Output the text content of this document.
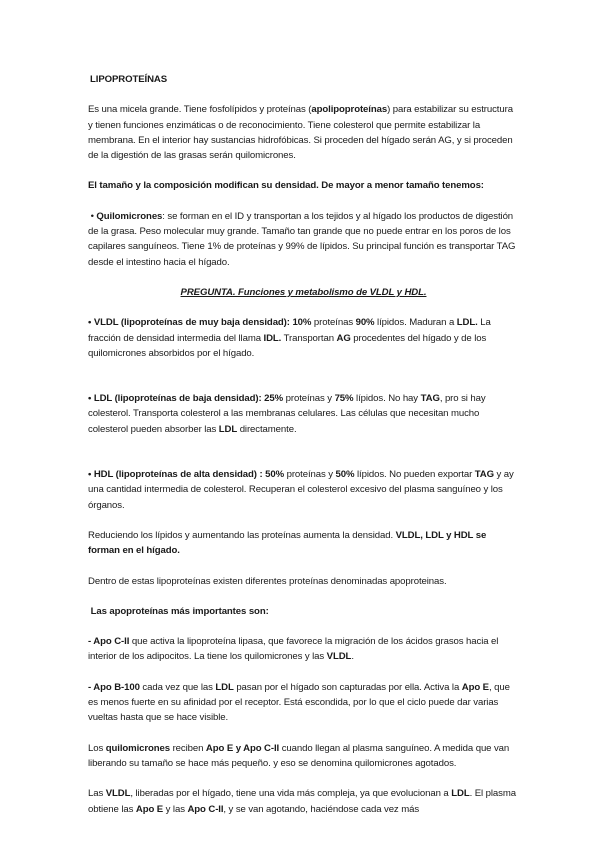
LIPOPROTEÍNAS

Es una micela grande. Tiene fosfolípidos y proteínas (apolipoproteínas) para estabilizar su estructura y tienen funciones enzimáticas o de reconocimiento. Tiene colesterol que permite estabilizar la membrana. En el interior hay sustancias hidrofóbicas. Si proceden del hígado serán AG, y si proceden de la digestión de las grasas serán quilomicrones.

El tamaño y la composición modifican su densidad. De mayor a menor tamaño tenemos:

• Quilomicrones: se forman en el ID y transportan a los tejidos y al hígado los productos de digestión de la grasa. Peso molecular muy grande. Tamaño tan grande que no puede entrar en los poros de los capilares sanguíneos. Tiene 1% de proteínas y 99% de lípidos. Su principal función es transportar TAG desde el intestino hacia el hígado.

PREGUNTA. Funciones y metabolismo de VLDL y HDL.

• VLDL (lipoproteínas de muy baja densidad): 10% proteínas 90% lípidos. Maduran a LDL. La fracción de densidad intermedia del llama IDL. Transportan AG procedentes del hígado y de los quilomicrones absorbidos por el hígado.

• LDL (lipoproteínas de baja densidad): 25% proteínas y 75% lípidos. No hay TAG, pro si hay colesterol. Transporta colesterol a las membranas celulares. Las células que necesitan mucho colesterol pueden absorber las LDL directamente.

• HDL (lipoproteínas de alta densidad) : 50% proteínas y 50% lípidos. No pueden exportar TAG y ay una cantidad intermedia de colesterol. Recuperan el colesterol excesivo del plasma sanguíneo y los órganos.

Reduciendo los lípidos y aumentando las proteínas aumenta la densidad. VLDL, LDL y HDL se forman en el hígado.

Dentro de estas lipoproteínas existen diferentes proteínas denominadas apoproteinas.

Las apoproteínas más importantes son:

- Apo C-II que activa la lipoproteína lipasa, que favorece la migración de los ácidos grasos hacia el interior de los adipocitos. La tiene los quilomicrones y las VLDL.

- Apo B-100 cada vez que las LDL pasan por el hígado son capturadas por ella. Activa la Apo E, que es menos fuerte en su afinidad por el receptor. Está escondida, por lo que el ciclo puede dar varias vueltas hasta que se hace visible.

Los quilomicrones reciben Apo E y Apo C-II cuando llegan al plasma sanguíneo. A medida que van liberando su tamaño se hace más pequeño. y eso se denomina quilomicrones agotados.

Las VLDL, liberadas por el hígado, tiene una vida más compleja, ya que evolucionan a LDL. El plasma obtiene las Apo E y las Apo C-II, y se van agotando, haciéndose cada vez más
